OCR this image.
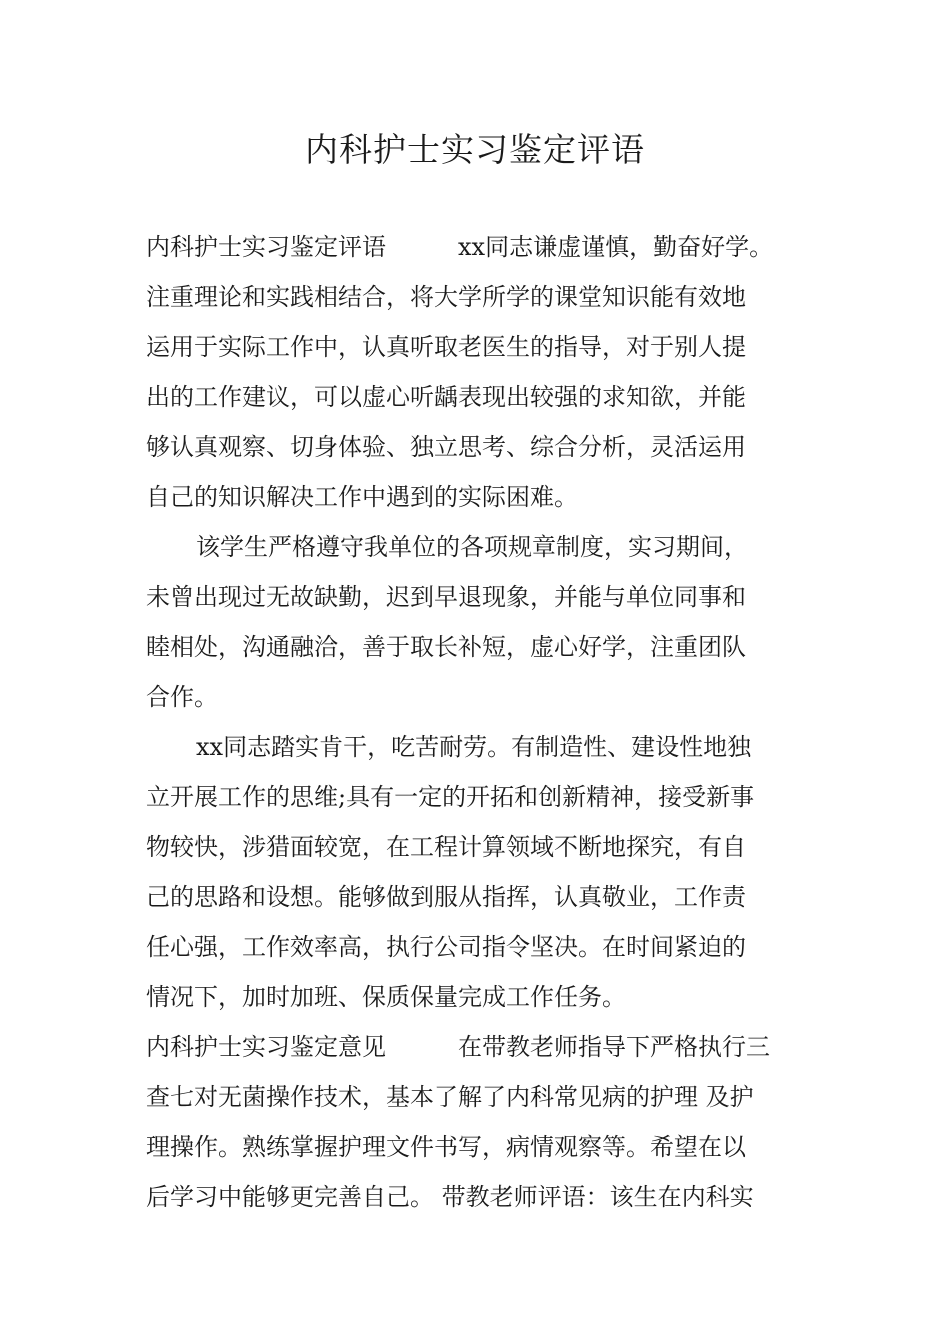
内科护士实习鉴定评语

内科护士实习鉴定评语　　　xx同志谦虚谨慎，勤奋好学。

注重理论和实践相结合，将大学所学的课堂知识能有效地

运用于实际工作中，认真听取老医生的指导，对于别人提

出的工作建议，可以虚心听龋表现出较强的求知欲，并能

够认真观察、切身体验、独立思考、综合分析，灵活运用

自己的知识解决工作中遇到的实际困难。

该学生严格遵守我单位的各项规章制度，实习期间，

未曾出现过无故缺勤，迟到早退现象，并能与单位同事和

睦相处，沟通融洽，善于取长补短，虚心好学，注重团队

合作。

xx同志踏实肯干，吃苦耐劳。有制造性、建设性地独

立开展工作的思维;具有一定的开拓和创新精神，接受新事

物较快，涉猎面较宽，在工程计算领域不断地探究，有自

己的思路和设想。能够做到服从指挥，认真敬业，工作责

任心强，工作效率高，执行公司指令坚决。在时间紧迫的

情况下，加时加班、保质保量完成工作任务。

内科护士实习鉴定意见　　　在带教老师指导下严格执行三

查七对无菌操作技术，基本了解了内科常见病的护理 及护

理操作。熟练掌握护理文件书写，病情观察等。希望在以

后学习中能够更完善自己。 带教老师评语：该生在内科实
